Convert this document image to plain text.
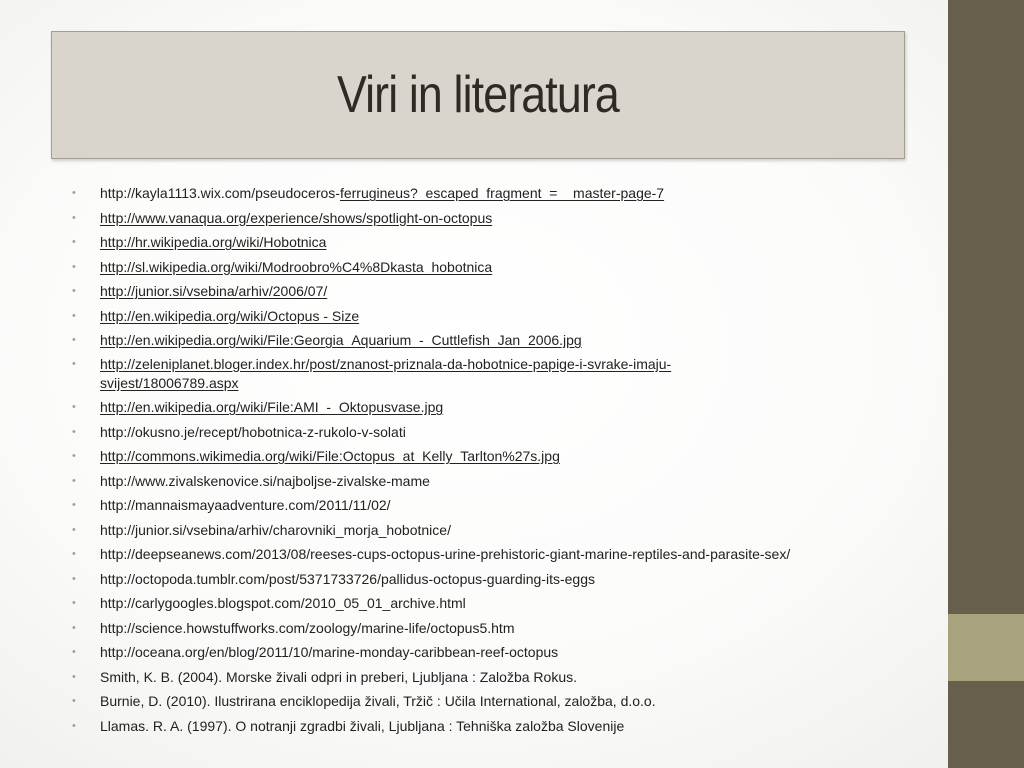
Viri in literatura
• http://kayla1113.wix.com/pseudoceros-ferrugineus?_escaped_fragment_=__master-page-7
• http://www.vanaqua.org/experience/shows/spotlight-on-octopus
• http://hr.wikipedia.org/wiki/Hobotnica
• http://sl.wikipedia.org/wiki/Modroobro%C4%8Dkasta_hobotnica
• http://junior.si/vsebina/arhiv/2006/07/
• http://en.wikipedia.org/wiki/Octopus - Size
• http://en.wikipedia.org/wiki/File:Georgia_Aquarium_-_Cuttlefish_Jan_2006.jpg
• http://zeleniplanet.bloger.index.hr/post/znanost-priznala-da-hobotnice-papige-i-svrake-imaju-svijest/18006789.aspx
• http://en.wikipedia.org/wiki/File:AMI_-_Oktopusvase.jpg
• http://okusno.je/recept/hobotnica-z-rukolo-v-solati
• http://commons.wikimedia.org/wiki/File:Octopus_at_Kelly_Tarlton%27s.jpg
• http://www.zivalskenovice.si/najboljse-zivalske-mame
• http://mannaismayaadventure.com/2011/11/02/
• http://junior.si/vsebina/arhiv/charovniki_morja_hobotnice/
• http://deepseanews.com/2013/08/reeses-cups-octopus-urine-prehistoric-giant-marine-reptiles-and-parasite-sex/
• http://octopoda.tumblr.com/post/5371733726/pallidus-octopus-guarding-its-eggs
• http://carlygoogles.blogspot.com/2010_05_01_archive.html
• http://science.howstuffworks.com/zoology/marine-life/octopus5.htm
• http://oceana.org/en/blog/2011/10/marine-monday-caribbean-reef-octopus
• Smith, K. B. (2004). Morske živali odpri in preberi, Ljubljana : Založba Rokus.
• Burnie, D. (2010). Ilustrirana enciklopedija živali, Tržič : Učila International, založba, d.o.o.
• Llamas. R. A. (1997). O notranji zgradbi živali, Ljubljana : Tehniška založba Slovenije
